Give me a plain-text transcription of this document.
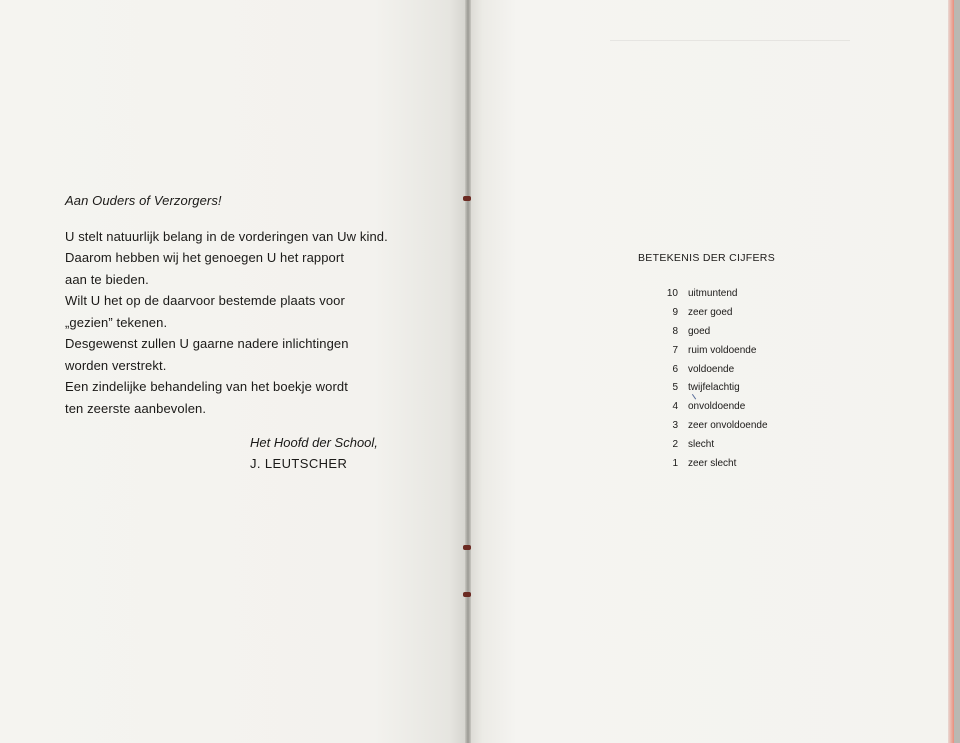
Aan Ouders of Verzorgers!

U stelt natuurlijk belang in de vorderingen van Uw kind.

Daarom hebben wij het genoegen U het rapport

aan te bieden.

Wilt U het op de daarvoor bestemde plaats voor

„gezien” tekenen.

Desgewenst zullen U gaarne nadere inlichtingen

worden verstrekt.

Een zindelijke behandeling van het boekje wordt

ten zeerste aanbevolen.

Het Hoofd der School,
J. LEUTSCHER
BETEKENIS DER CIJFERS
10 uitmuntend
9 zeer goed
8 goed
7 ruim voldoende
6 voldoende
5 twijfelachtig
4 onvoldoende
3 zeer onvoldoende
2 slecht
1 zeer slecht
